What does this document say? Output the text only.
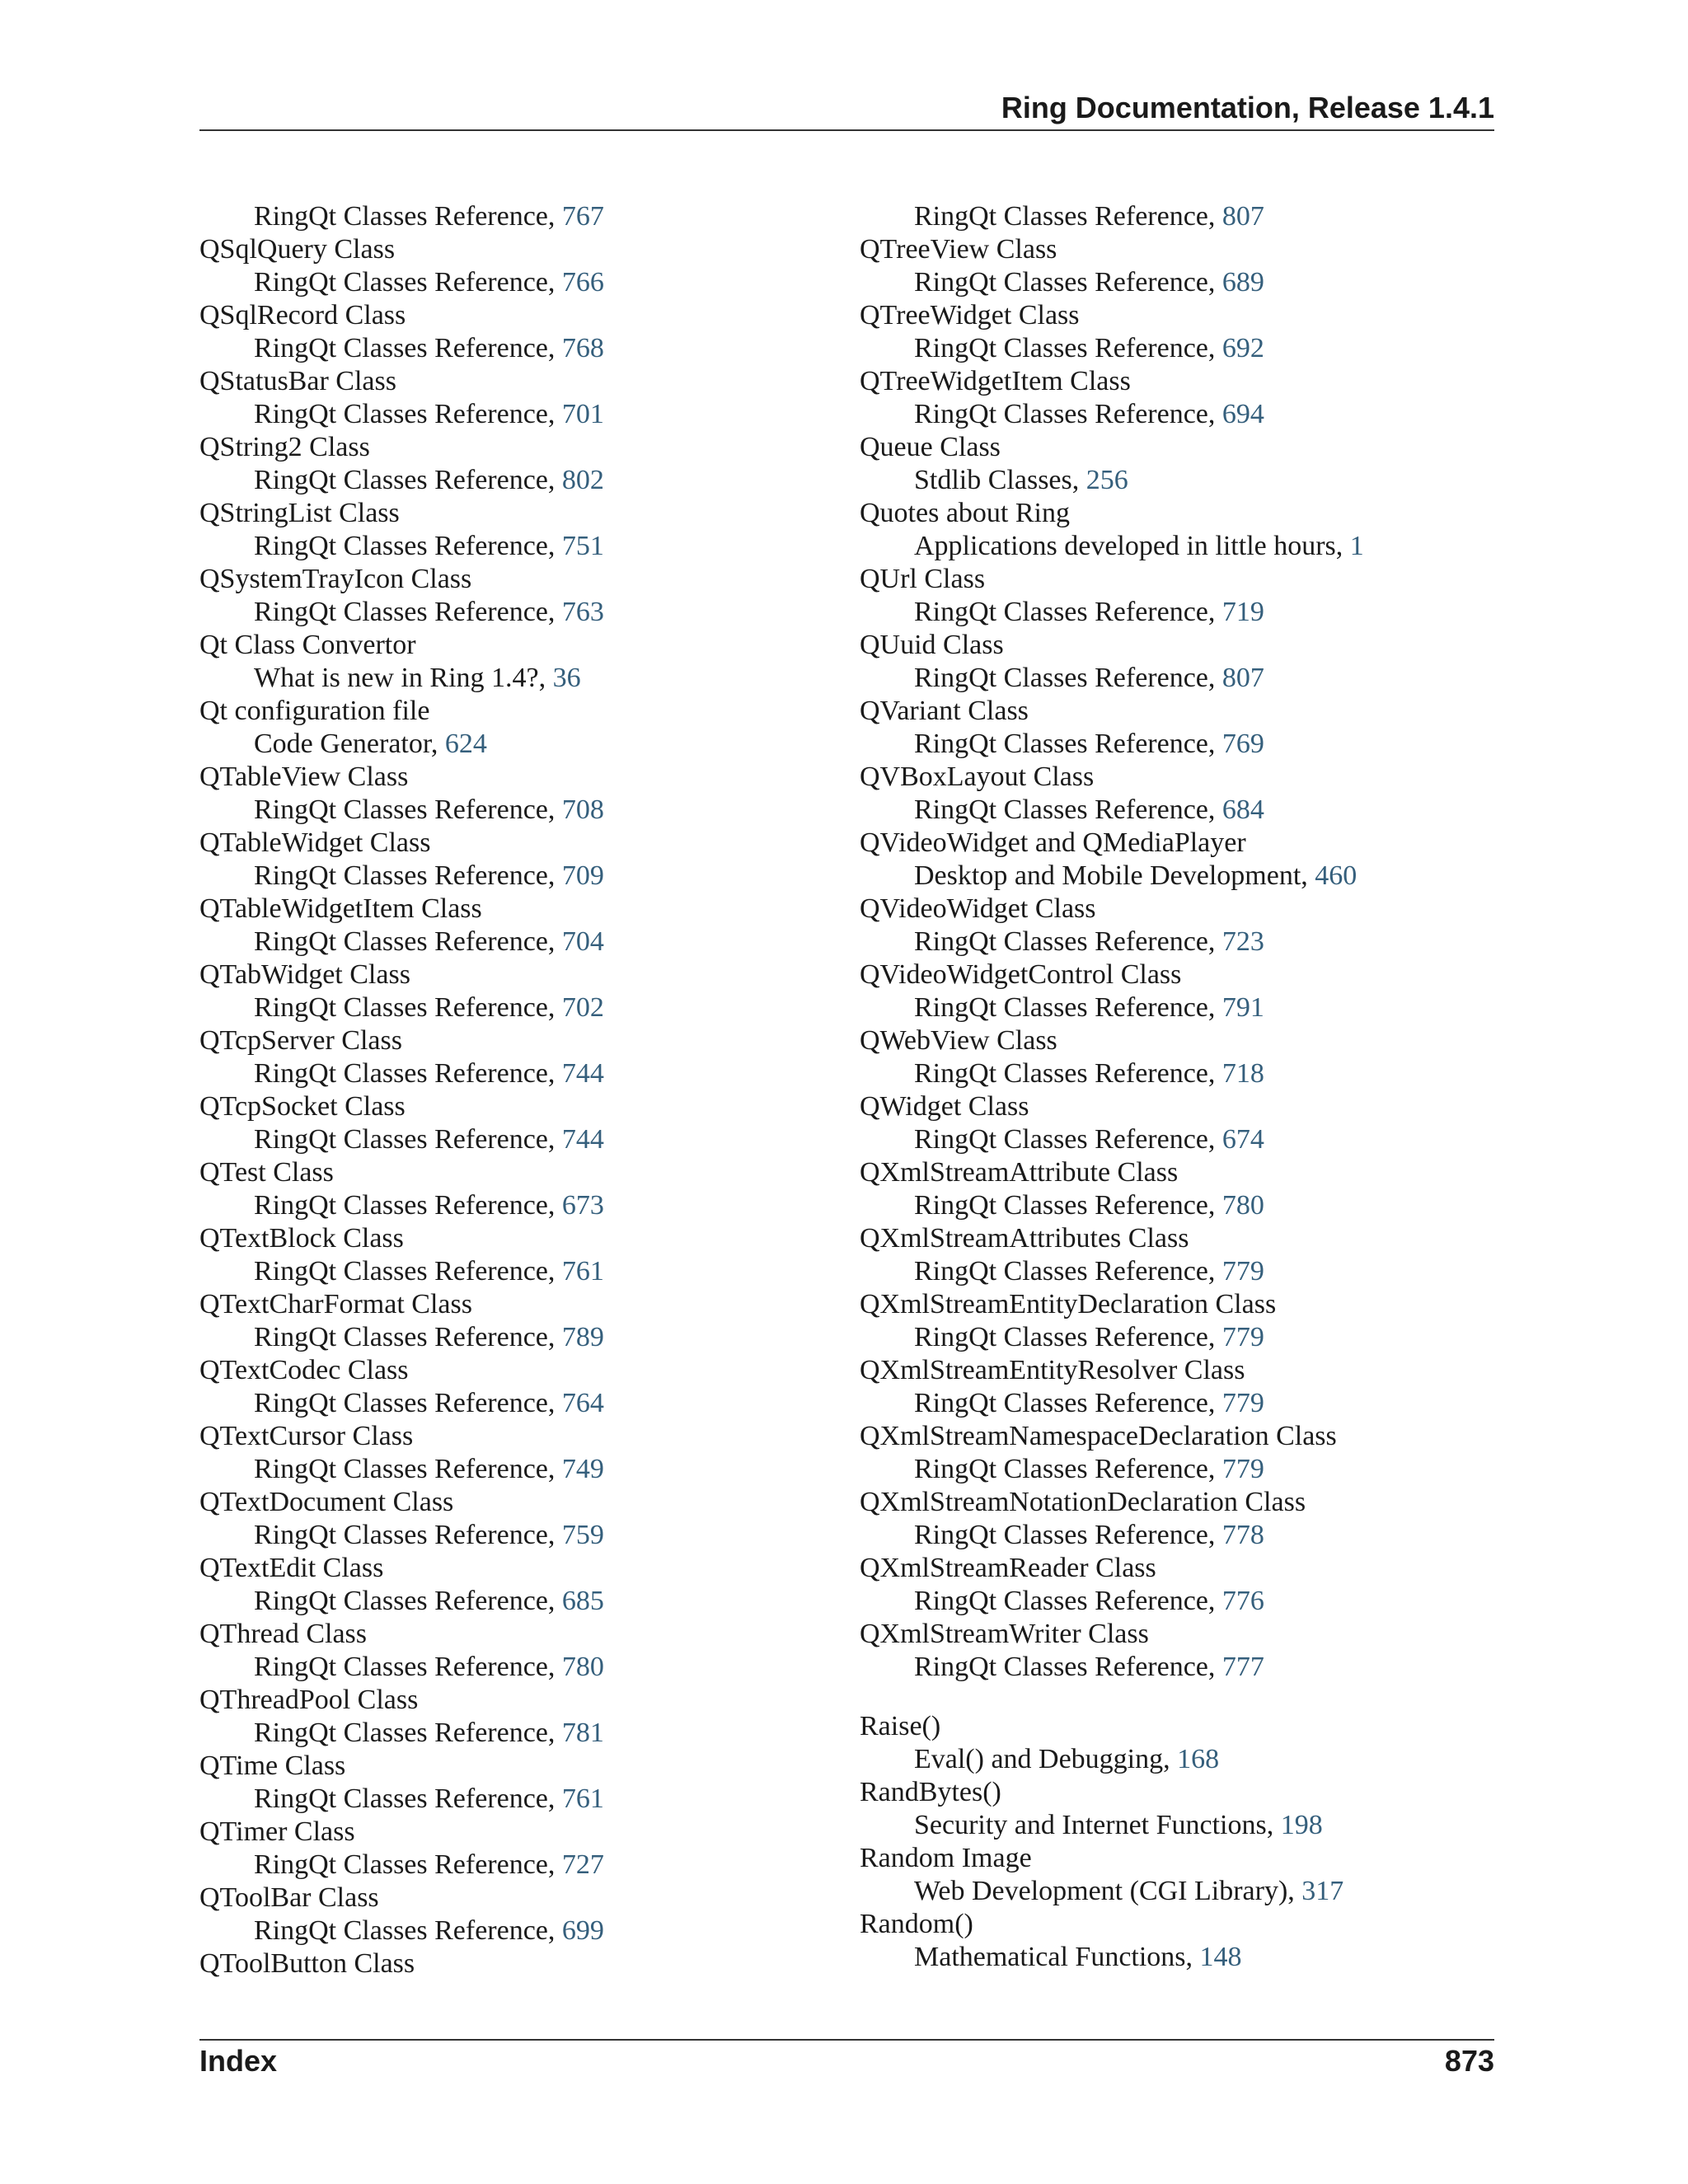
Ring Documentation, Release 1.4.1
RingQt Classes Reference, 767
QSqlQuery Class
RingQt Classes Reference, 766
QSqlRecord Class
RingQt Classes Reference, 768
QStatusBar Class
RingQt Classes Reference, 701
QString2 Class
RingQt Classes Reference, 802
QStringList Class
RingQt Classes Reference, 751
QSystemTrayIcon Class
RingQt Classes Reference, 763
Qt Class Convertor
What is new in Ring 1.4?, 36
Qt configuration file
Code Generator, 624
QTableView Class
RingQt Classes Reference, 708
QTableWidget Class
RingQt Classes Reference, 709
QTableWidgetItem Class
RingQt Classes Reference, 704
QTabWidget Class
RingQt Classes Reference, 702
QTcpServer Class
RingQt Classes Reference, 744
QTcpSocket Class
RingQt Classes Reference, 744
QTest Class
RingQt Classes Reference, 673
QTextBlock Class
RingQt Classes Reference, 761
QTextCharFormat Class
RingQt Classes Reference, 789
QTextCodec Class
RingQt Classes Reference, 764
QTextCursor Class
RingQt Classes Reference, 749
QTextDocument Class
RingQt Classes Reference, 759
QTextEdit Class
RingQt Classes Reference, 685
QThread Class
RingQt Classes Reference, 780
QThreadPool Class
RingQt Classes Reference, 781
QTime Class
RingQt Classes Reference, 761
QTimer Class
RingQt Classes Reference, 727
QToolBar Class
RingQt Classes Reference, 699
QToolButton Class
RingQt Classes Reference, 807
QTreeView Class
RingQt Classes Reference, 689
QTreeWidget Class
RingQt Classes Reference, 692
QTreeWidgetItem Class
RingQt Classes Reference, 694
Queue Class
Stdlib Classes, 256
Quotes about Ring
Applications developed in little hours, 1
QUrl Class
RingQt Classes Reference, 719
QUuid Class
RingQt Classes Reference, 807
QVariant Class
RingQt Classes Reference, 769
QVBoxLayout Class
RingQt Classes Reference, 684
QVideoWidget and QMediaPlayer
Desktop and Mobile Development, 460
QVideoWidget Class
RingQt Classes Reference, 723
QVideoWidgetControl Class
RingQt Classes Reference, 791
QWebView Class
RingQt Classes Reference, 718
QWidget Class
RingQt Classes Reference, 674
QXmlStreamAttribute Class
RingQt Classes Reference, 780
QXmlStreamAttributes Class
RingQt Classes Reference, 779
QXmlStreamEntityDeclaration Class
RingQt Classes Reference, 779
QXmlStreamEntityResolver Class
RingQt Classes Reference, 779
QXmlStreamNamespaceDeclaration Class
RingQt Classes Reference, 779
QXmlStreamNotationDeclaration Class
RingQt Classes Reference, 778
QXmlStreamReader Class
RingQt Classes Reference, 776
QXmlStreamWriter Class
RingQt Classes Reference, 777
Raise()
Eval() and Debugging, 168
RandBytes()
Security and Internet Functions, 198
Random Image
Web Development (CGI Library), 317
Random()
Mathematical Functions, 148
Index	873
